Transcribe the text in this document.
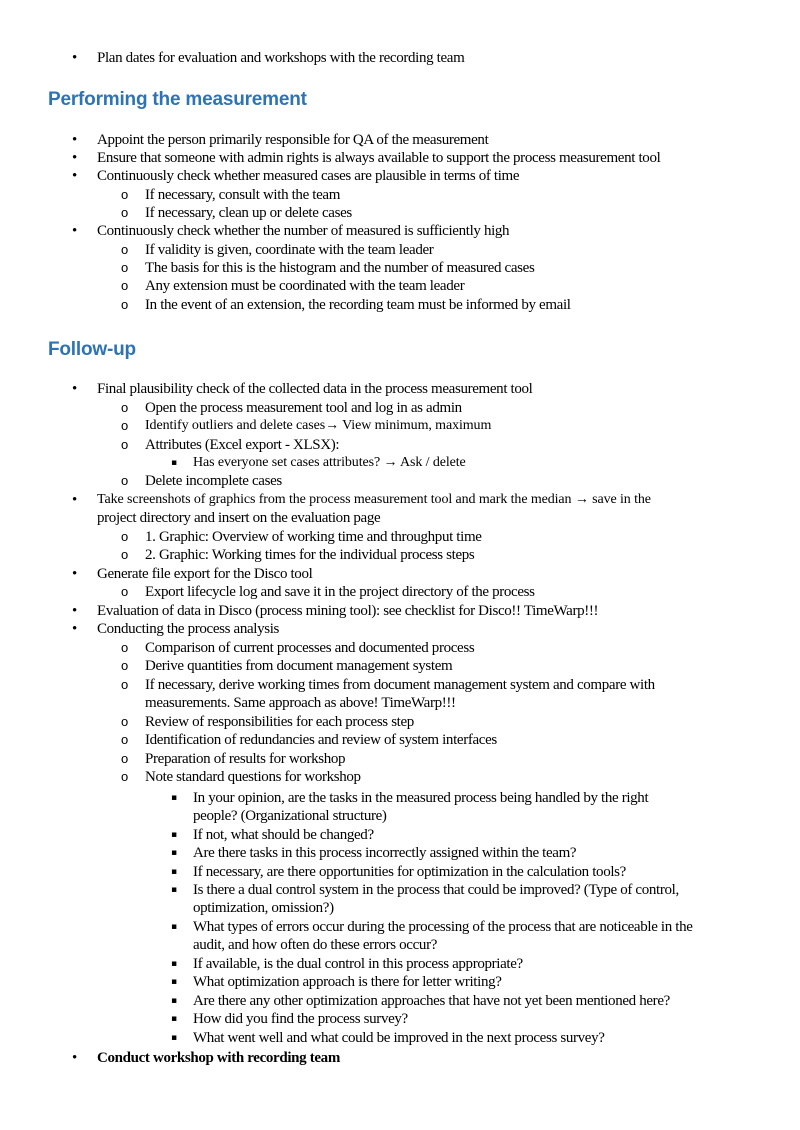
• Plan dates for evaluation and workshops with the recording team
Performing the measurement
• Appoint the person primarily responsible for QA of the measurement
• Ensure that someone with admin rights is always available to support the process measurement tool
• Continuously check whether measured cases are plausible in terms of time
o If necessary, consult with the team
o If necessary, clean up or delete cases
• Continuously check whether the number of measured is sufficiently high
o If validity is given, coordinate with the team leader
o The basis for this is the histogram and the number of measured cases
o Any extension must be coordinated with the team leader
o In the event of an extension, the recording team must be informed by email
Follow-up
• Final plausibility check of the collected data in the process measurement tool
o Open the process measurement tool and log in as admin
o Identify outliers and delete cases→ View minimum, maximum
o Attributes (Excel export - XLSX):
▪ Has everyone set cases attributes? → Ask / delete
o Delete incomplete cases
• Take screenshots of graphics from the process measurement tool and mark the median → save in the
project directory and insert on the evaluation page
o 1. Graphic: Overview of working time and throughput time
o 2. Graphic: Working times for the individual process steps
• Generate file export for the Disco tool
o Export lifecycle log and save it in the project directory of the process
• Evaluation of data in Disco (process mining tool): see checklist for Disco!! TimeWarp!!!
• Conducting the process analysis
o Comparison of current processes and documented process
o Derive quantities from document management system
o If necessary, derive working times from document management system and compare with
measurements. Same approach as above! TimeWarp!!!
o Review of responsibilities for each process step
o Identification of redundancies and review of system interfaces
o Preparation of results for workshop
o Note standard questions for workshop
▪ In your opinion, are the tasks in the measured process being handled by the right
people? (Organizational structure)
▪ If not, what should be changed?
▪ Are there tasks in this process incorrectly assigned within the team?
▪ If necessary, are there opportunities for optimization in the calculation tools?
▪ Is there a dual control system in the process that could be improved? (Type of control,
optimization, omission?)
▪ What types of errors occur during the processing of the process that are noticeable in the
audit, and how often do these errors occur?
▪ If available, is the dual control in this process appropriate?
▪ What optimization approach is there for letter writing?
▪ Are there any other optimization approaches that have not yet been mentioned here?
▪ How did you find the process survey?
▪ What went well and what could be improved in the next process survey?
• Conduct workshop with recording team
